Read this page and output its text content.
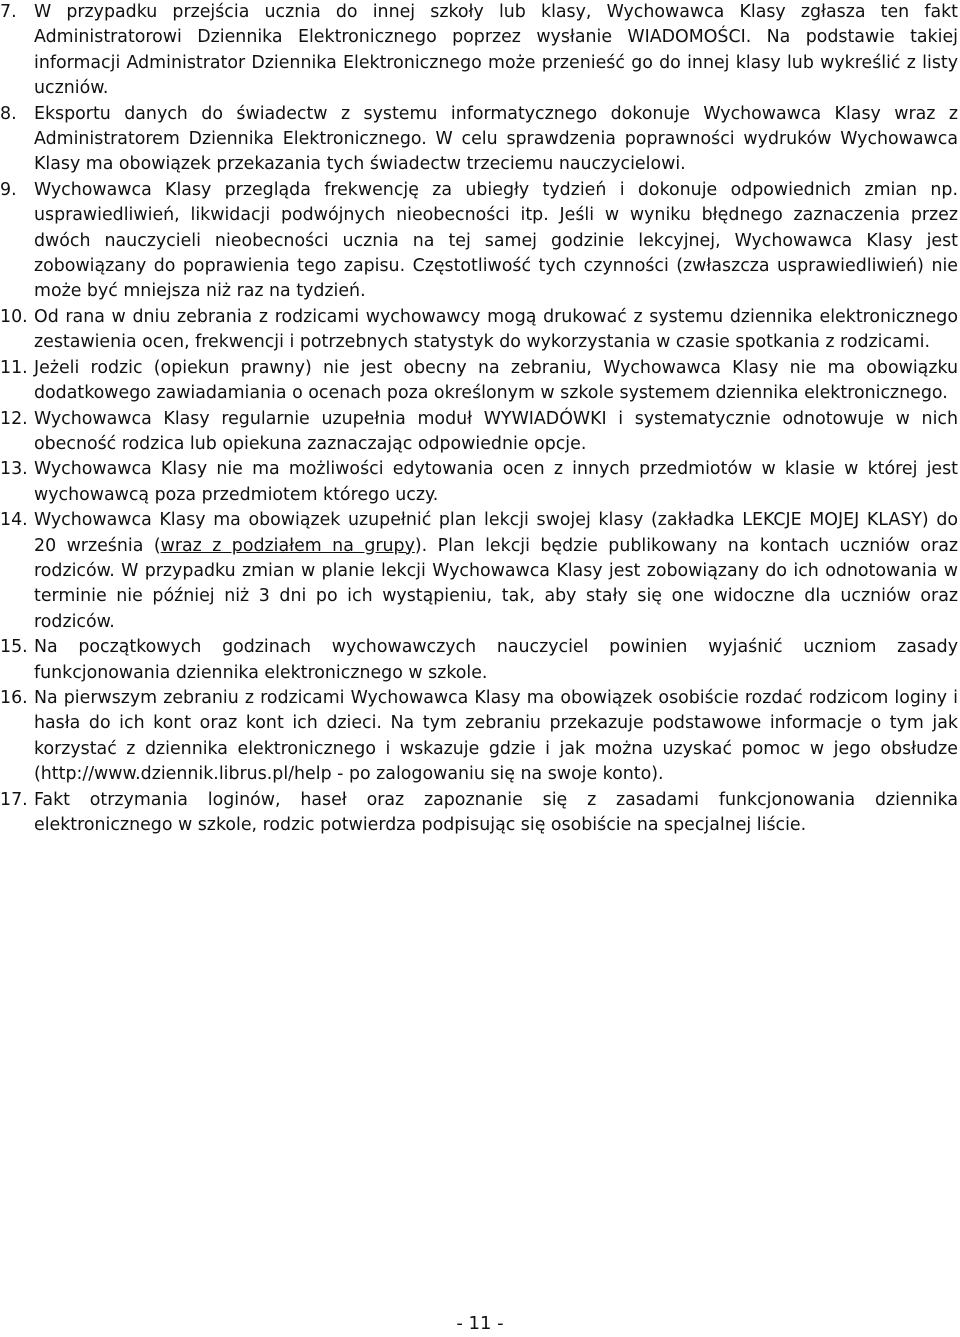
7.	W przypadku przejścia ucznia do innej szkoły lub klasy, Wychowawca Klasy zgłasza ten fakt Administratorowi Dziennika Elektronicznego poprzez wysłanie WIADOMOŚCI. Na podstawie takiej informacji Administrator Dziennika Elektronicznego może przenieść go do innej klasy lub wykreślić z listy uczniów.
8.	Eksportu danych do świadectw z systemu informatycznego dokonuje Wychowawca Klasy wraz z Administratorem Dziennika Elektronicznego. W celu sprawdzenia poprawności wydruków Wychowawca Klasy ma obowiązek przekazania tych świadectw trzeciemu nauczycielowi.
9.	Wychowawca Klasy przegląda frekwencję za ubiegły tydzień i dokonuje odpowiednich zmian np. usprawiedliwień, likwidacji podwójnych nieobecności itp. Jeśli w wyniku błędnego zaznaczenia przez dwóch nauczycieli nieobecności ucznia na tej samej godzinie lekcyjnej, Wychowawca Klasy jest zobowiązany do poprawienia tego zapisu. Częstotliwość tych czynności (zwłaszcza usprawiedliwień) nie może być mniejsza niż raz na tydzień.
10. Od rana w dniu zebrania z rodzicami wychowawcy mogą drukować z systemu dziennika elektronicznego zestawienia ocen, frekwencji i potrzebnych statystyk do wykorzystania w czasie spotkania z rodzicami.
11. Jeżeli rodzic (opiekun prawny) nie jest obecny na zebraniu, Wychowawca Klasy nie ma obowiązku dodatkowego zawiadamiania o ocenach poza określonym w szkole systemem dziennika elektronicznego.
12. Wychowawca Klasy regularnie uzupełnia moduł WYWIADÓWKI i systematycznie odnotowuje w nich obecność rodzica lub opiekuna zaznaczając odpowiednie opcje.
13. Wychowawca Klasy nie ma możliwości edytowania ocen z innych przedmiotów w klasie w której jest wychowawcą poza przedmiotem którego uczy.
14. Wychowawca Klasy ma obowiązek uzupełnić plan lekcji swojej klasy (zakładka LEKCJE MOJEJ KLASY) do 20 września (wraz z podziałem na grupy). Plan lekcji będzie publikowany na kontach uczniów oraz rodziców. W przypadku zmian w planie lekcji Wychowawca Klasy jest zobowiązany do ich odnotowania w terminie nie później niż 3 dni po ich wystąpieniu, tak, aby stały się one widoczne dla uczniów oraz rodziców.
15. Na początkowych godzinach wychowawczych nauczyciel powinien wyjaśnić uczniom zasady funkcjonowania dziennika elektronicznego w szkole.
16. Na pierwszym zebraniu z rodzicami Wychowawca Klasy ma obowiązek osobiście rozdać rodzicom loginy i hasła do ich kont oraz kont ich dzieci. Na tym zebraniu przekazuje podstawowe informacje o tym jak korzystać z dziennika elektronicznego i wskazuje gdzie i jak można uzyskać pomoc w jego obsłudze (http://www.dziennik.librus.pl/help - po zalogowaniu się na swoje konto).
17. Fakt otrzymania loginów, haseł oraz zapoznanie się z zasadami funkcjonowania dziennika elektronicznego w szkole, rodzic potwierdza podpisując się osobiście na specjalnej liście.
- 11 -
